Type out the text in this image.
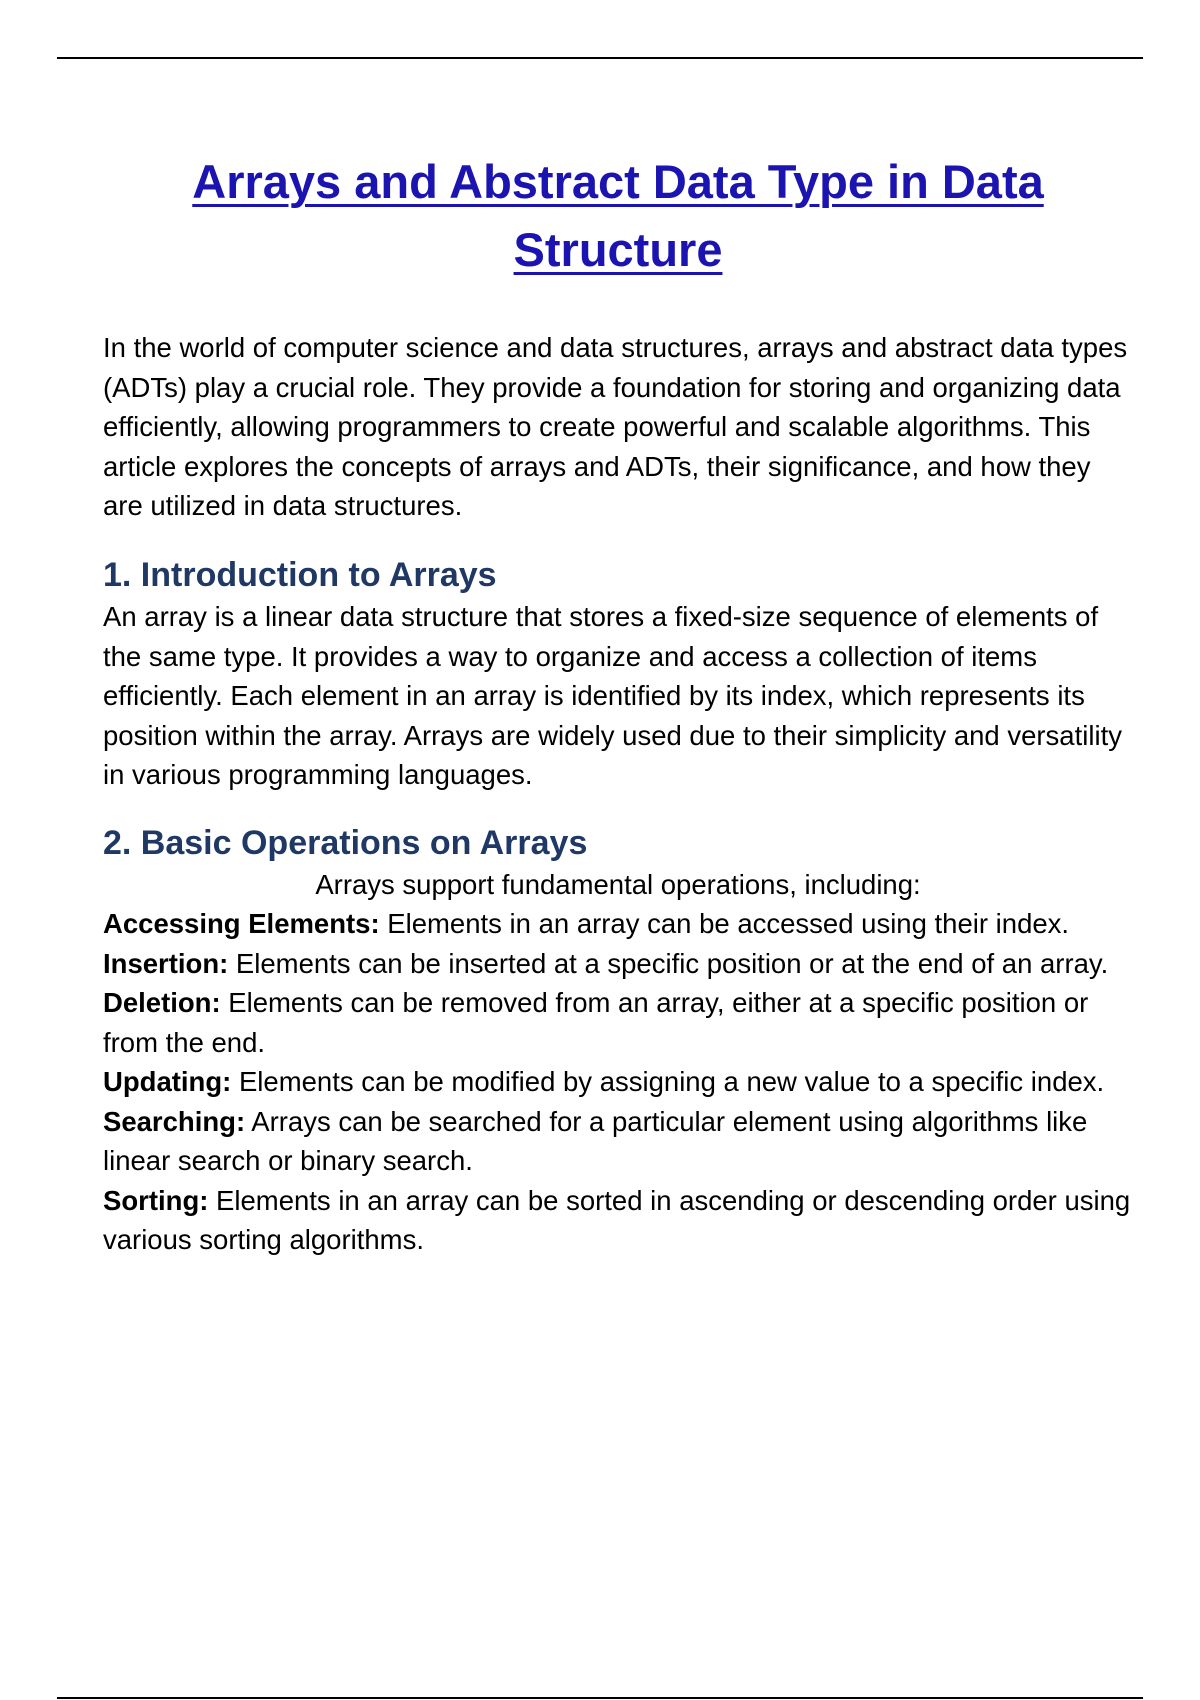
Arrays and Abstract Data Type in Data Structure

In the world of computer science and data structures, arrays and abstract data types (ADTs) play a crucial role. They provide a foundation for storing and organizing data efficiently, allowing programmers to create powerful and scalable algorithms. This article explores the concepts of arrays and ADTs, their significance, and how they are utilized in data structures.

1. Introduction to Arrays

An array is a linear data structure that stores a fixed-size sequence of elements of the same type. It provides a way to organize and access a collection of items efficiently. Each element in an array is identified by its index, which represents its position within the array. Arrays are widely used due to their simplicity and versatility in various programming languages.

2. Basic Operations on Arrays

Arrays support fundamental operations, including:

Accessing Elements: Elements in an array can be accessed using their index.

Insertion: Elements can be inserted at a specific position or at the end of an array.

Deletion: Elements can be removed from an array, either at a specific position or from the end.

Updating: Elements can be modified by assigning a new value to a specific index.

Searching: Arrays can be searched for a particular element using algorithms like linear search or binary search.

Sorting: Elements in an array can be sorted in ascending or descending order using various sorting algorithms.
